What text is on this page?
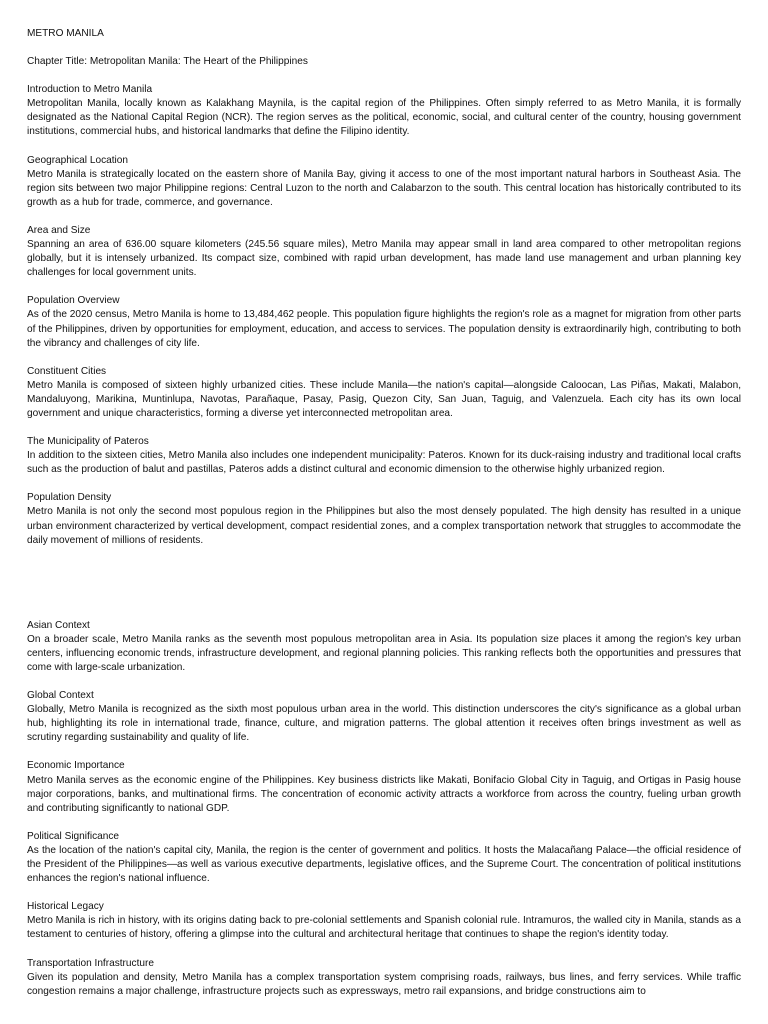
METRO MANILA

Chapter Title: Metropolitan Manila: The Heart of the Philippines

Introduction to Metro Manila

Metropolitan Manila, locally known as Kalakhang Maynila, is the capital region of the Philippines. Often simply referred to as Metro Manila, it is formally designated as the National Capital Region (NCR). The region serves as the political, economic, social, and cultural center of the country, housing government institutions, commercial hubs, and historical landmarks that define the Filipino identity.

Geographical Location

Metro Manila is strategically located on the eastern shore of Manila Bay, giving it access to one of the most important natural harbors in Southeast Asia. The region sits between two major Philippine regions: Central Luzon to the north and Calabarzon to the south. This central location has historically contributed to its growth as a hub for trade, commerce, and governance.

Area and Size

Spanning an area of 636.00 square kilometers (245.56 square miles), Metro Manila may appear small in land area compared to other metropolitan regions globally, but it is intensely urbanized. Its compact size, combined with rapid urban development, has made land use management and urban planning key challenges for local government units.

Population Overview

As of the 2020 census, Metro Manila is home to 13,484,462 people. This population figure highlights the region's role as a magnet for migration from other parts of the Philippines, driven by opportunities for employment, education, and access to services. The population density is extraordinarily high, contributing to both the vibrancy and challenges of city life.

Constituent Cities

Metro Manila is composed of sixteen highly urbanized cities. These include Manila—the nation's capital—alongside Caloocan, Las Piñas, Makati, Malabon, Mandaluyong, Marikina, Muntinlupa, Navotas, Parañaque, Pasay, Pasig, Quezon City, San Juan, Taguig, and Valenzuela. Each city has its own local government and unique characteristics, forming a diverse yet interconnected metropolitan area.

The Municipality of Pateros

In addition to the sixteen cities, Metro Manila also includes one independent municipality: Pateros. Known for its duck-raising industry and traditional local crafts such as the production of balut and pastillas, Pateros adds a distinct cultural and economic dimension to the otherwise highly urbanized region.

Population Density

Metro Manila is not only the second most populous region in the Philippines but also the most densely populated. The high density has resulted in a unique urban environment characterized by vertical development, compact residential zones, and a complex transportation network that struggles to accommodate the daily movement of millions of residents.

Asian Context

On a broader scale, Metro Manila ranks as the seventh most populous metropolitan area in Asia. Its population size places it among the region's key urban centers, influencing economic trends, infrastructure development, and regional planning policies. This ranking reflects both the opportunities and pressures that come with large-scale urbanization.

Global Context

Globally, Metro Manila is recognized as the sixth most populous urban area in the world. This distinction underscores the city's significance as a global urban hub, highlighting its role in international trade, finance, culture, and migration patterns. The global attention it receives often brings investment as well as scrutiny regarding sustainability and quality of life.

Economic Importance

Metro Manila serves as the economic engine of the Philippines. Key business districts like Makati, Bonifacio Global City in Taguig, and Ortigas in Pasig house major corporations, banks, and multinational firms. The concentration of economic activity attracts a workforce from across the country, fueling urban growth and contributing significantly to national GDP.

Political Significance

As the location of the nation's capital city, Manila, the region is the center of government and politics. It hosts the Malacañang Palace—the official residence of the President of the Philippines—as well as various executive departments, legislative offices, and the Supreme Court. The concentration of political institutions enhances the region's national influence.

Historical Legacy

Metro Manila is rich in history, with its origins dating back to pre-colonial settlements and Spanish colonial rule. Intramuros, the walled city in Manila, stands as a testament to centuries of history, offering a glimpse into the cultural and architectural heritage that continues to shape the region's identity today.

Transportation Infrastructure

Given its population and density, Metro Manila has a complex transportation system comprising roads, railways, bus lines, and ferry services. While traffic congestion remains a major challenge, infrastructure projects such as expressways, metro rail expansions, and bridge constructions aim to
